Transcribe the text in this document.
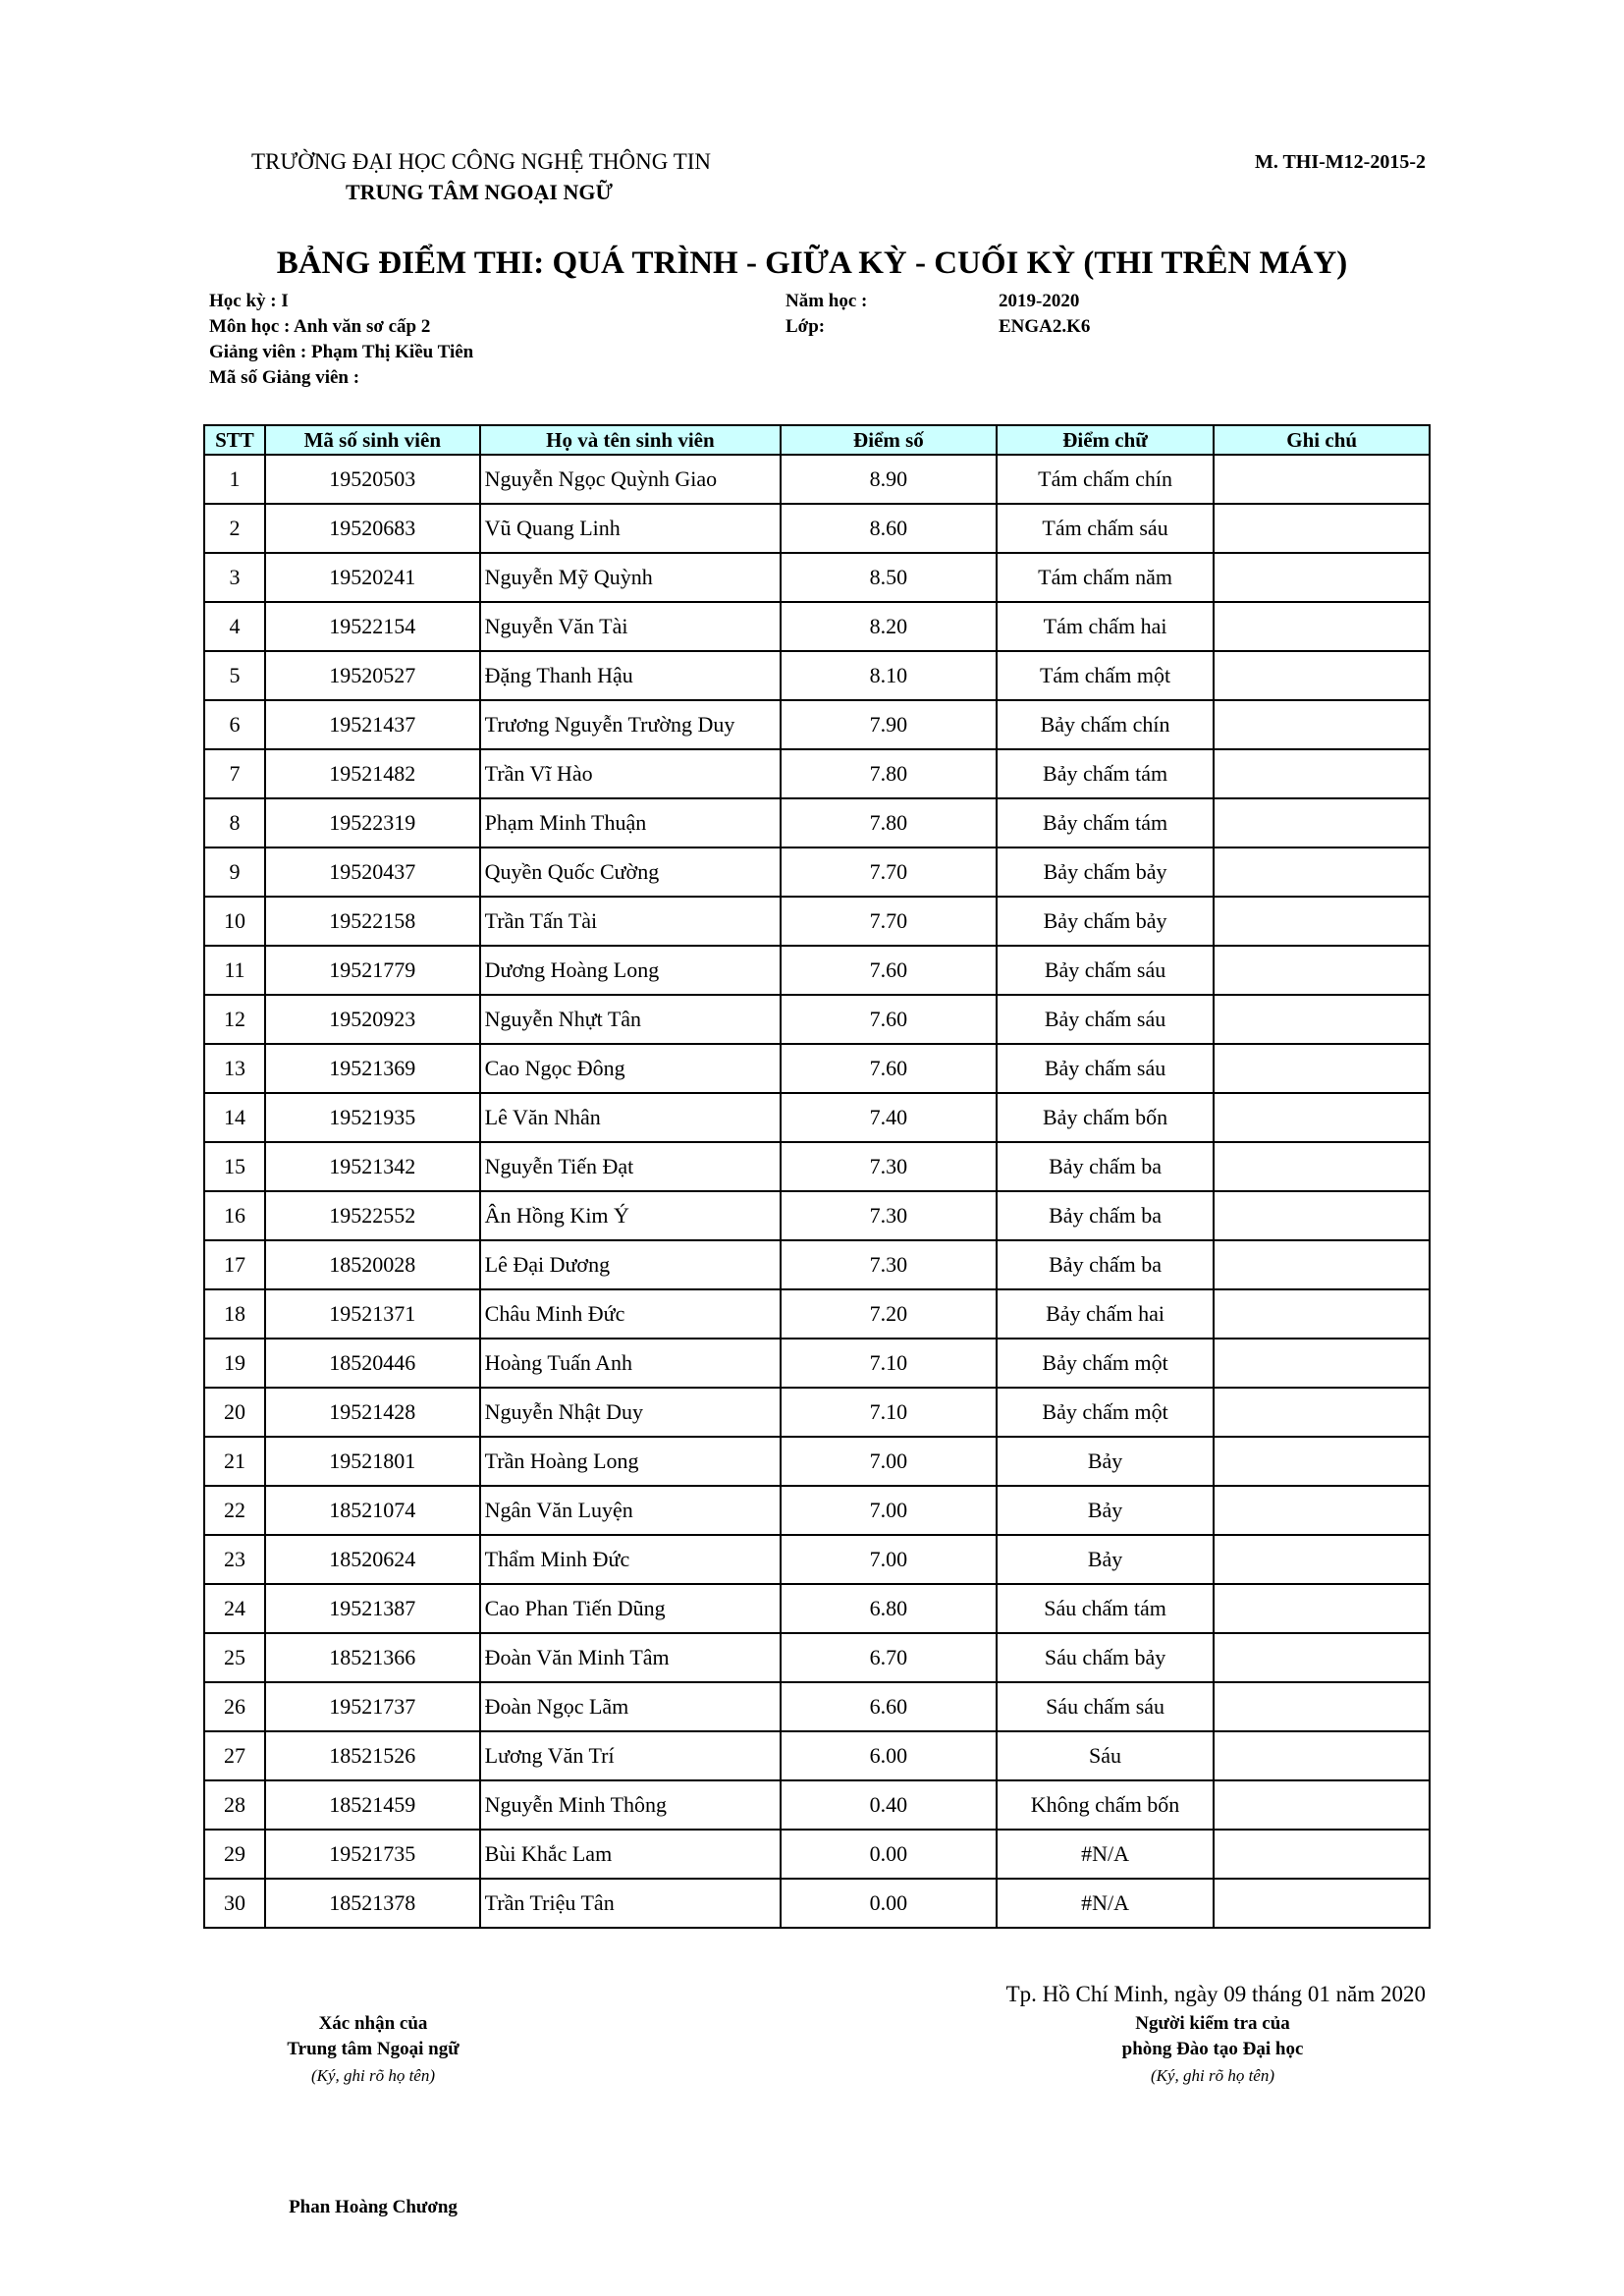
TRƯỜNG ĐẠI HỌC CÔNG NGHỆ THÔNG TIN
TRUNG TÂM NGOẠI NGỮ
M. THI-M12-2015-2
BẢNG ĐIỂM THI: QUÁ TRÌNH - GIỮA KỲ - CUỐI KỲ (THI TRÊN MÁY)
Học kỳ : I
Môn học : Anh văn sơ cấp 2
Giảng viên : Phạm Thị Kiều Tiên
Mã số Giảng viên :
Năm học :	2019-2020
Lớp:	ENGA2.K6
STT	Mã số sinh viên	Họ và tên sinh viên	Điểm số	Điểm chữ	Ghi chú
1	19520503	Nguyễn Ngọc Quỳnh Giao	8.90	Tám chấm chín	
2	19520683	Vũ Quang Linh	8.60	Tám chấm sáu	
3	19520241	Nguyễn Mỹ Quỳnh	8.50	Tám chấm năm	
4	19522154	Nguyễn Văn Tài	8.20	Tám chấm hai	
5	19520527	Đặng Thanh Hậu	8.10	Tám chấm một	
6	19521437	Trương Nguyễn Trường Duy	7.90	Bảy chấm chín	
7	19521482	Trần Vĩ Hào	7.80	Bảy chấm tám	
8	19522319	Phạm Minh Thuận	7.80	Bảy chấm tám	
9	19520437	Quyền Quốc Cường	7.70	Bảy chấm bảy	
10	19522158	Trần Tấn Tài	7.70	Bảy chấm bảy	
11	19521779	Dương Hoàng Long	7.60	Bảy chấm sáu	
12	19520923	Nguyễn Nhựt Tân	7.60	Bảy chấm sáu	
13	19521369	Cao Ngọc Đông	7.60	Bảy chấm sáu	
14	19521935	Lê Văn Nhân	7.40	Bảy chấm bốn	
15	19521342	Nguyễn Tiến Đạt	7.30	Bảy chấm ba	
16	19522552	Ân Hồng Kim Ý	7.30	Bảy chấm ba	
17	18520028	Lê Đại Dương	7.30	Bảy chấm ba	
18	19521371	Châu Minh Đức	7.20	Bảy chấm hai	
19	18520446	Hoàng Tuấn Anh	7.10	Bảy chấm một	
20	19521428	Nguyễn Nhật Duy	7.10	Bảy chấm một	
21	19521801	Trần Hoàng Long	7.00	Bảy	
22	18521074	Ngân Văn Luyện	7.00	Bảy	
23	18520624	Thẩm Minh Đức	7.00	Bảy	
24	19521387	Cao Phan Tiến Dũng	6.80	Sáu chấm tám	
25	18521366	Đoàn Văn Minh Tâm	6.70	Sáu chấm bảy	
26	19521737	Đoàn Ngọc Lãm	6.60	Sáu chấm sáu	
27	18521526	Lương Văn Trí	6.00	Sáu	
28	18521459	Nguyễn Minh Thông	0.40	Không chấm bốn	
29	19521735	Bùi Khắc Lam	0.00	#N/A	
30	18521378	Trần Triệu Tân	0.00	#N/A	
Tp. Hồ Chí Minh, ngày 09 tháng 01 năm 2020
Xác nhận của
Trung tâm Ngoại ngữ
(Ký, ghi rõ họ tên)
Người kiểm tra của
phòng Đào tạo Đại học
(Ký, ghi rõ họ tên)
Phan Hoàng Chương
